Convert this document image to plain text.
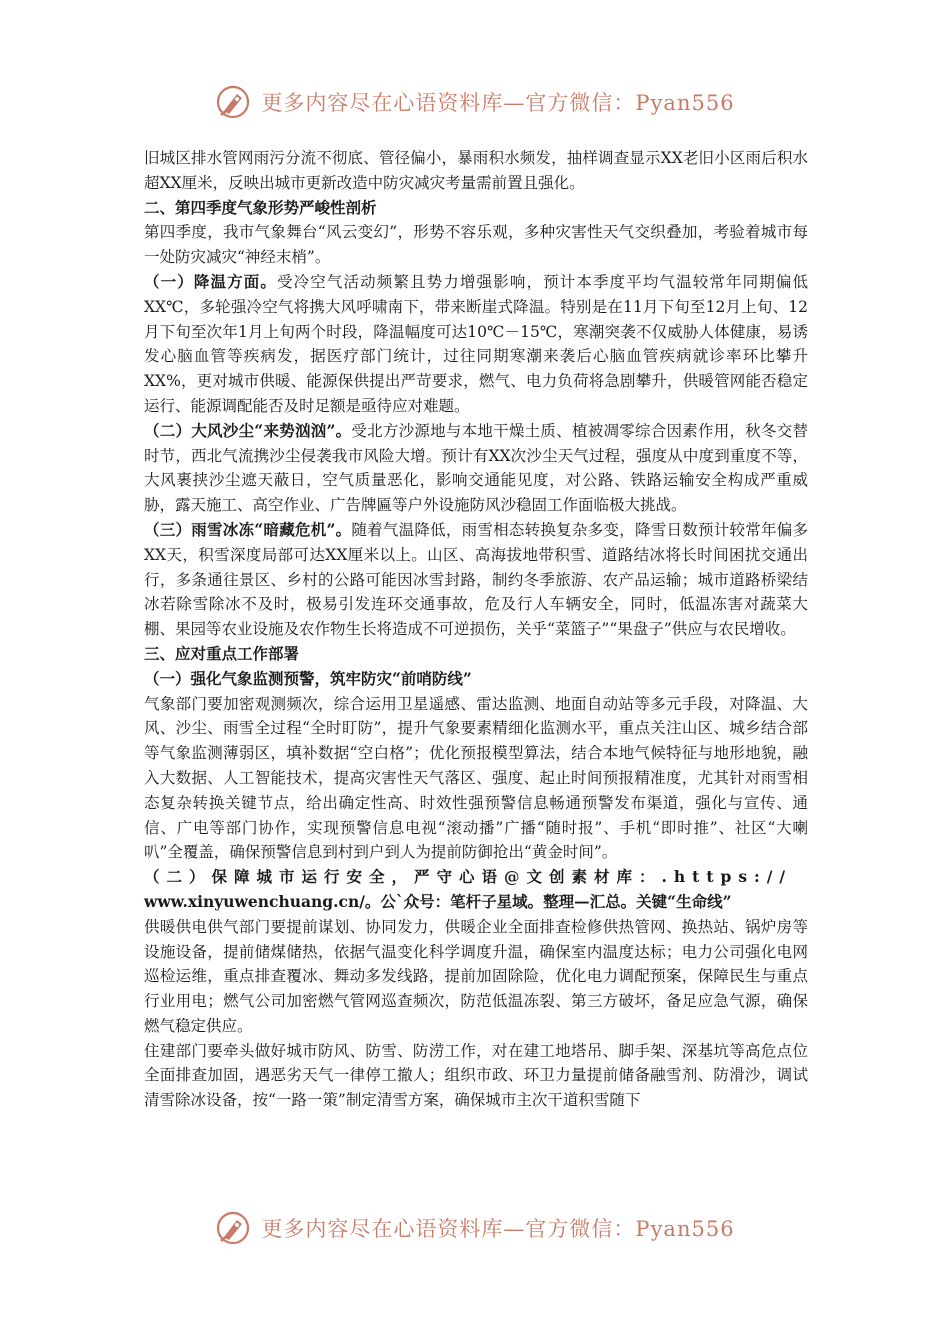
更多内容尽在心语资料库—官方微信：Pyan556

旧城区排水管网雨污分流不彻底、管径偏小，暴雨积水频发，抽样调查显示XX老旧小区雨后积水超XX厘米，反映出城市更新改造中防灾减灾考量需前置且强化。

二、第四季度气象形势严峻性剖析

第四季度，我市气象舞台“风云变幻”，形势不容乐观，多种灾害性天气交织叠加，考验着城市每一处防灾减灾“神经末梢”。

（一）降温方面。受冷空气活动频繁且势力增强影响，预计本季度平均气温较常年同期偏低XX℃，多轮强冷空气将携大风呼啸南下，带来断崖式降温。特别是在11月下旬至12月上旬、12月下旬至次年1月上旬两个时段，降温幅度可达10℃－15℃，寒潮突袭不仅威胁人体健康，易诱发心脑血管等疾病发，据医疗部门统计，过往同期寒潮来袭后心脑血管疾病就诊率环比攀升XX%，更对城市供暖、能源保供提出严苛要求，燃气、电力负荷将急剧攀升，供暖管网能否稳定运行、能源调配能否及时足额是亟待应对难题。

（二）大风沙尘“来势汹汹”。受北方沙源地与本地干燥土质、植被凋零综合因素作用，秋冬交替时节，西北气流携沙尘侵袭我市风险大增。预计有XX次沙尘天气过程，强度从中度到重度不等，大风裹挟沙尘遮天蔽日，空气质量恶化，影响交通能见度，对公路、铁路运输安全构成严重威胁，露天施工、高空作业、广告牌匾等户外设施防风沙稳固工作面临极大挑战。

（三）雨雪冰冻“暗藏危机”。随着气温降低，雨雪相态转换复杂多变，降雪日数预计较常年偏多XX天，积雪深度局部可达XX厘米以上。山区、高海拔地带积雪、道路结冰将长时间困扰交通出行，多条通往景区、乡村的公路可能因冰雪封路，制约冬季旅游、农产品运输；城市道路桥梁结冰若除雪除冰不及时，极易引发连环交通事故，危及行人车辆安全，同时，低温冻害对蔬菜大棚、果园等农业设施及农作物生长将造成不可逆损伤，关乎“菜篮子”“果盘子”供应与农民增收。

三、应对重点工作部署

（一）强化气象监测预警，筑牢防灾“前哨防线”

气象部门要加密观测频次，综合运用卫星遥感、雷达监测、地面自动站等多元手段，对降温、大风、沙尘、雨雪全过程“全时盯防”，提升气象要素精细化监测水平，重点关注山区、城乡结合部等气象监测薄弱区，填补数据“空白格”；优化预报模型算法，结合本地气候特征与地形地貌，融入大数据、人工智能技术，提高灾害性天气落区、强度、起止时间预报精准度，尤其针对雨雪相态复杂转换关键节点，给出确定性高、时效性强预警信息畅通预警发布渠道，强化与宣传、通信、广电等部门协作，实现预警信息电视“滚动播”广播“随时报”、手机“即时推”、社区“大喇叭”全覆盖，确保预警信息到村到户到人为提前防御抢出“黄金时间”。

（二）保障城市运行安全，严守心语@文创素材库：.https://

www.xinyuwenchuang.cn/。公`众号：笔杆子星域。整理—汇总。关键“生命线”

供暖供电供气部门要提前谋划、协同发力，供暖企业全面排查检修供热管网、换热站、锅炉房等设施设备，提前储煤储热，依据气温变化科学调度升温，确保室内温度达标；电力公司强化电网巡检运维，重点排查覆冰、舞动多发线路，提前加固除险，优化电力调配预案，保障民生与重点行业用电；燃气公司加密燃气管网巡查频次，防范低温冻裂、第三方破坏，备足应急气源，确保燃气稳定供应。

住建部门要牵头做好城市防风、防雪、防涝工作，对在建工地塔吊、脚手架、深基坑等高危点位全面排查加固，遇恶劣天气一律停工撤人；组织市政、环卫力量提前储备融雪剂、防滑沙，调试清雪除冰设备，按“一路一策”制定清雪方案，确保城市主次干道积雪随下

更多内容尽在心语资料库—官方微信：Pyan556
